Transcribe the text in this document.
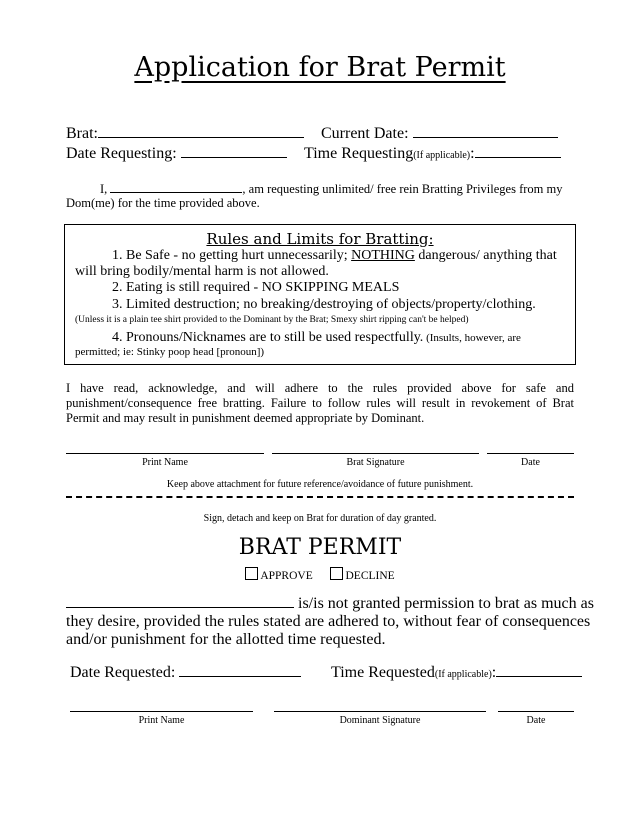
Application for Brat Permit
Brat:	Current Date:
Date Requesting:	Time Requesting(If applicable):
I,	, am requesting unlimited/ free rein Bratting Privileges from my
Dom(me) for the time provided above.
Rules and Limits for Bratting:
1. Be Safe - no getting hurt unnecessarily; NOTHING dangerous/ anything that
will bring bodily/mental harm is not allowed.
2. Eating is still required - NO SKIPPING MEALS
3. Limited destruction; no breaking/destroying of objects/property/clothing.
(Unless it is a plain tee shirt provided to the Dominant by the Brat; Smexy shirt ripping can't be helped)
4. Pronouns/Nicknames are to still be used respectfully. (Insults, however, are
permitted; ie: Stinky poop head [pronoun])
I have read, acknowledge, and will adhere to the rules provided above for safe and
punishment/consequence free bratting. Failure to follow rules will result in revokement of Brat
Permit and may result in punishment deemed appropriate by Dominant.
Print Name	Brat Signature	Date
Keep above attachment for future reference/avoidance of future punishment.
Sign, detach and keep on Brat for duration of day granted.
BRAT PERMIT
APPROVE	DECLINE
is/is not granted permission to brat as much as
they desire, provided the rules stated are adhered to, without fear of consequences
and/or punishment for the allotted time requested.
Date Requested:	Time Requested(If applicable):
Print Name	Dominant Signature	Date
